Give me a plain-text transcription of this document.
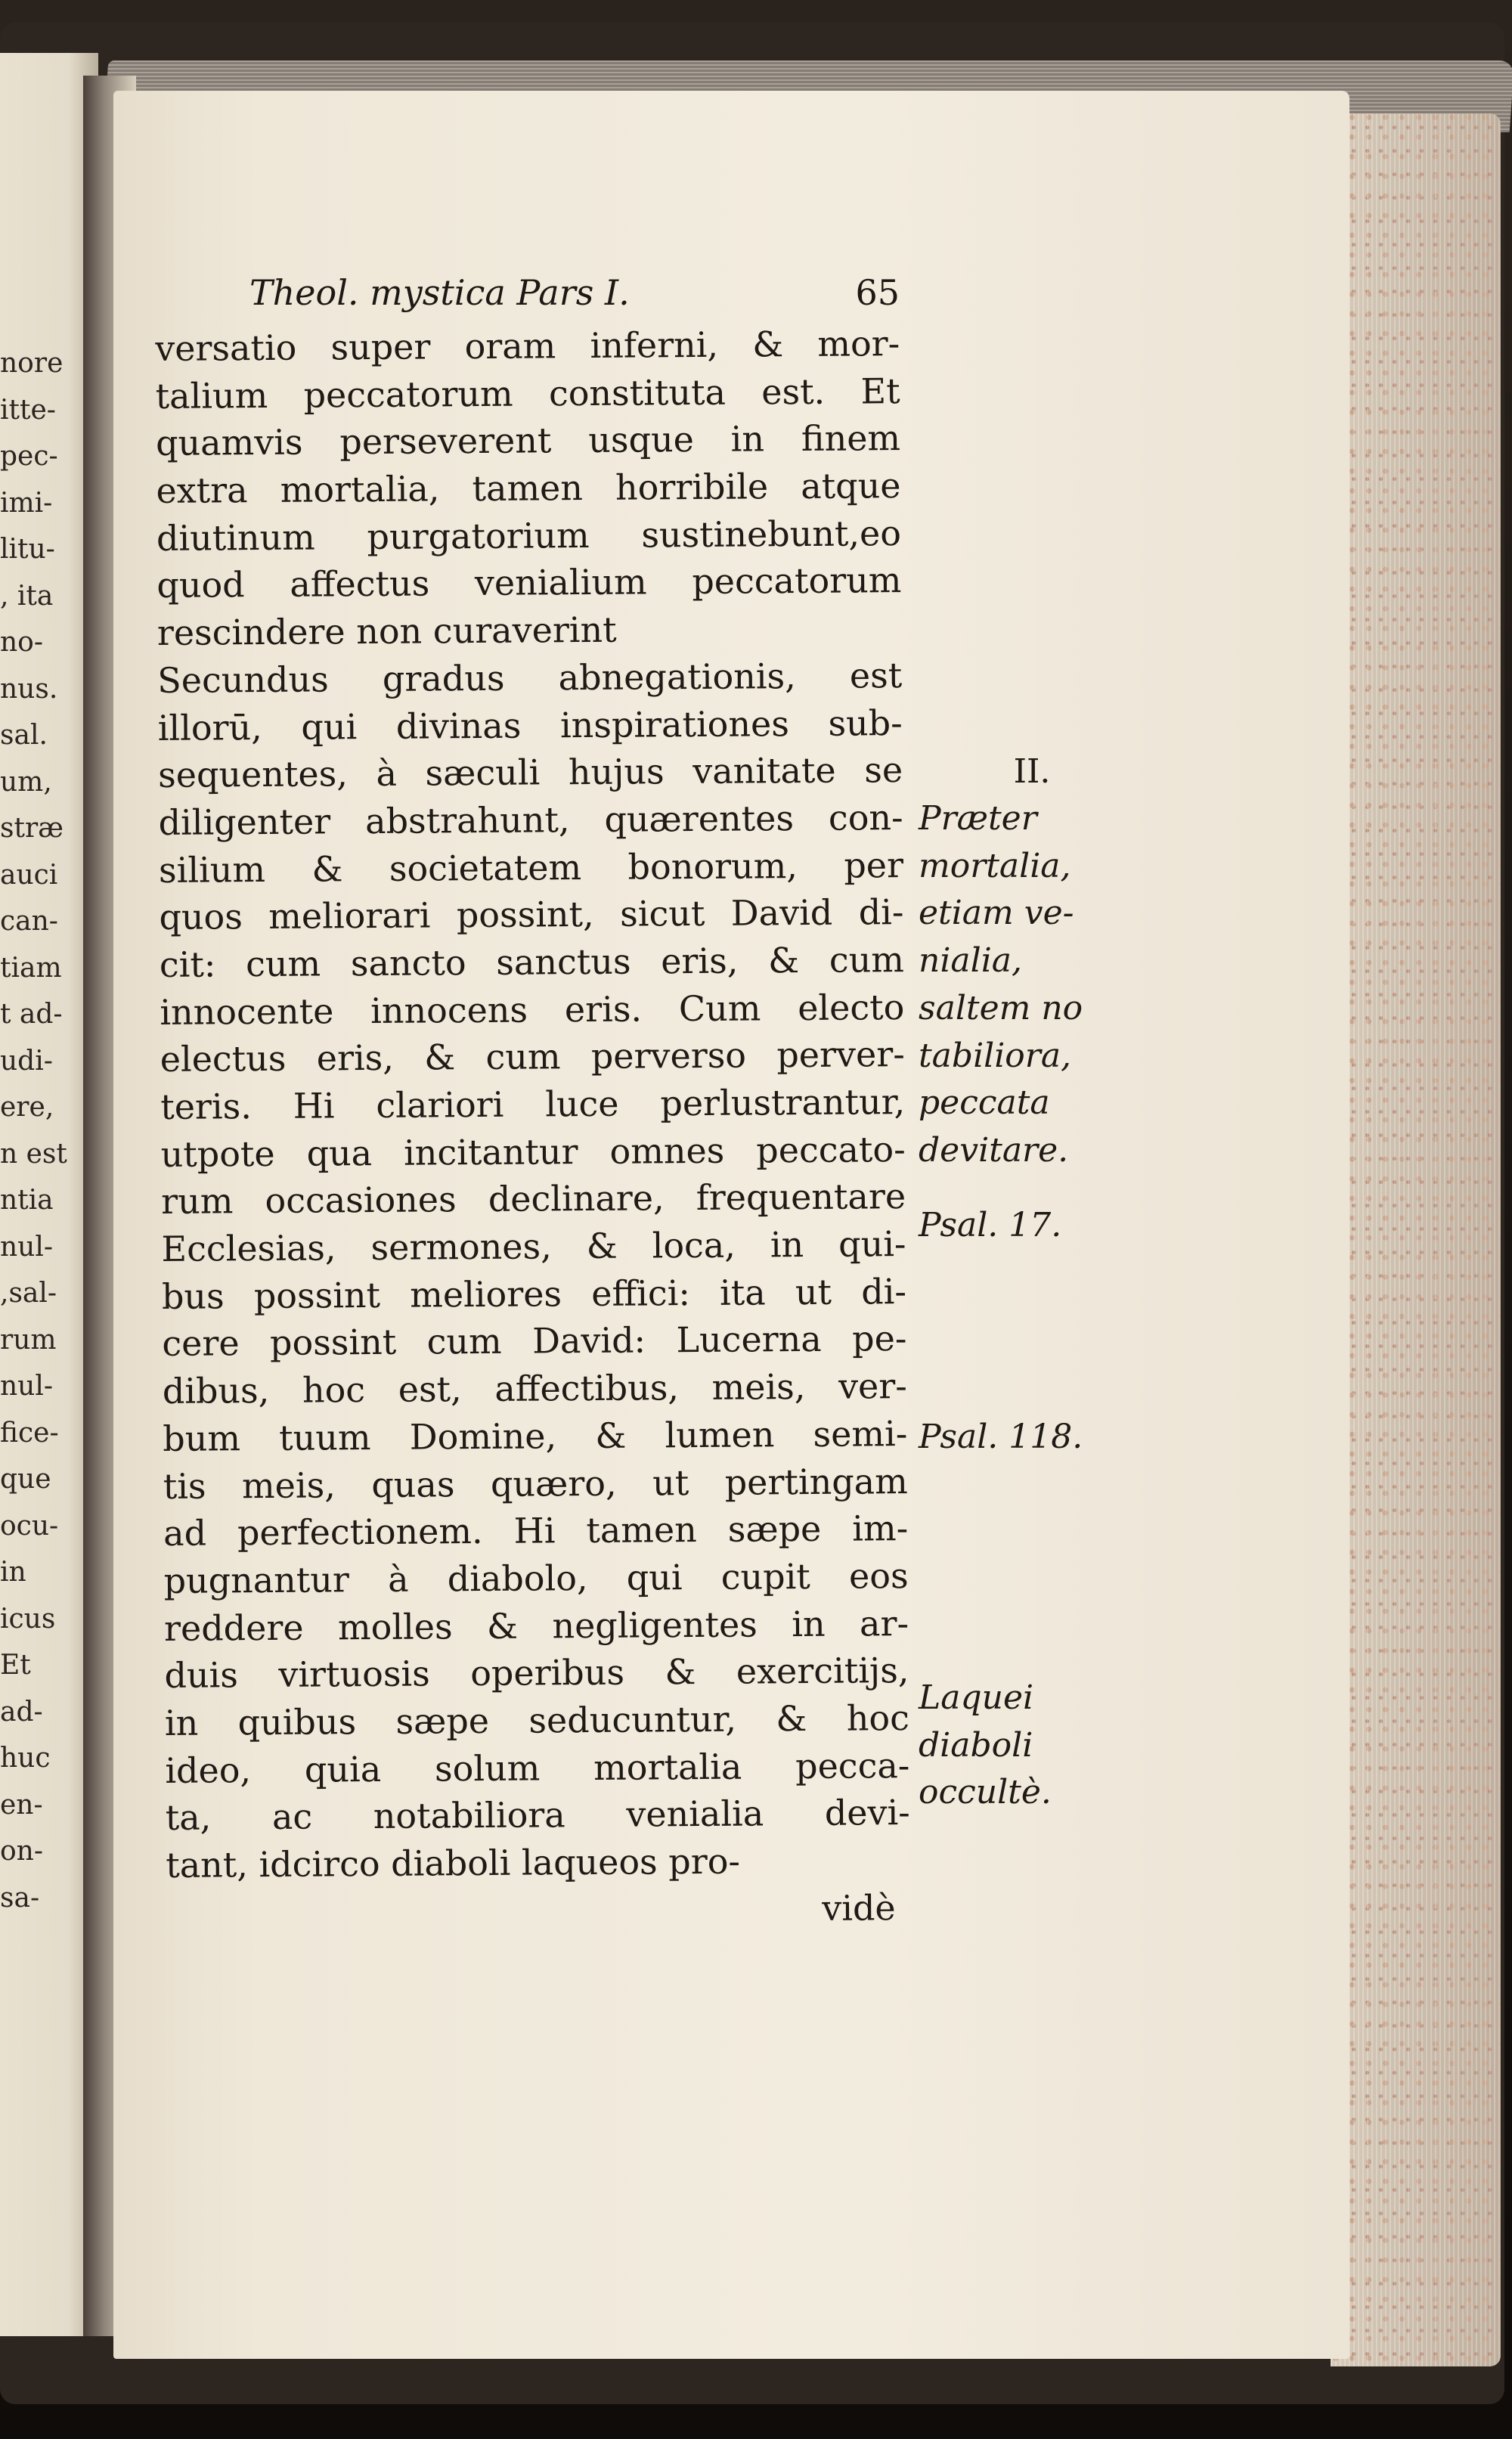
nore
itte-
pec-
imi-
litu-
, ita
no-
nus.
sal.
um,
stræ
auci
can-
tiam
t ad-
udi-
ere,
n est
ntia
nul-
,sal-
rum
nul-
fice-
que
ocu-
in
icus
Et
ad-
huc
en-
on-
sa-
Theol. mystica Pars I.	65
versatio super oram inferni, & mor-
talium peccatorum constituta est. Et
quamvis perseverent usque in finem
extra mortalia, tamen horribile atque
diutinum purgatorium sustinebunt,eo
quod affectus venialium peccatorum
rescindere non curaverint
Secundus gradus abnegationis, est
illorū, qui divinas inspirationes sub-
sequentes, à sæculi hujus vanitate se
diligenter abstrahunt, quærentes con-
silium & societatem bonorum, per
quos meliorari possint, sicut David di-
cit: cum sancto sanctus eris, & cum
innocente innocens eris. Cum electo
electus eris, & cum perverso perver-
teris. Hi clariori luce perlustrantur,
utpote qua incitantur omnes peccato-
rum occasiones declinare, frequentare
Ecclesias, sermones, & loca, in qui-
bus possint meliores effici: ita ut di-
cere possint cum David: Lucerna pe-
dibus, hoc est, affectibus, meis, ver-
bum tuum Domine, & lumen semi-
tis meis, quas quæro, ut pertingam
ad perfectionem. Hi tamen sæpe im-
pugnantur à diabolo, qui cupit eos
reddere molles & negligentes in ar-
duis virtuosis operibus & exercitijs,
in quibus sæpe seducuntur, & hoc
ideo, quia solum mortalia pecca-
ta, ac notabiliora venialia devi-
tant, idcirco diaboli laqueos pro-
vidè
II.
Præter
mortalia,
etiam ve-
nialia,
saltem no
tabiliora,
peccata
devitare.
Psal. 17.
Psal. 118.
Laquei
diaboli
occultè.
